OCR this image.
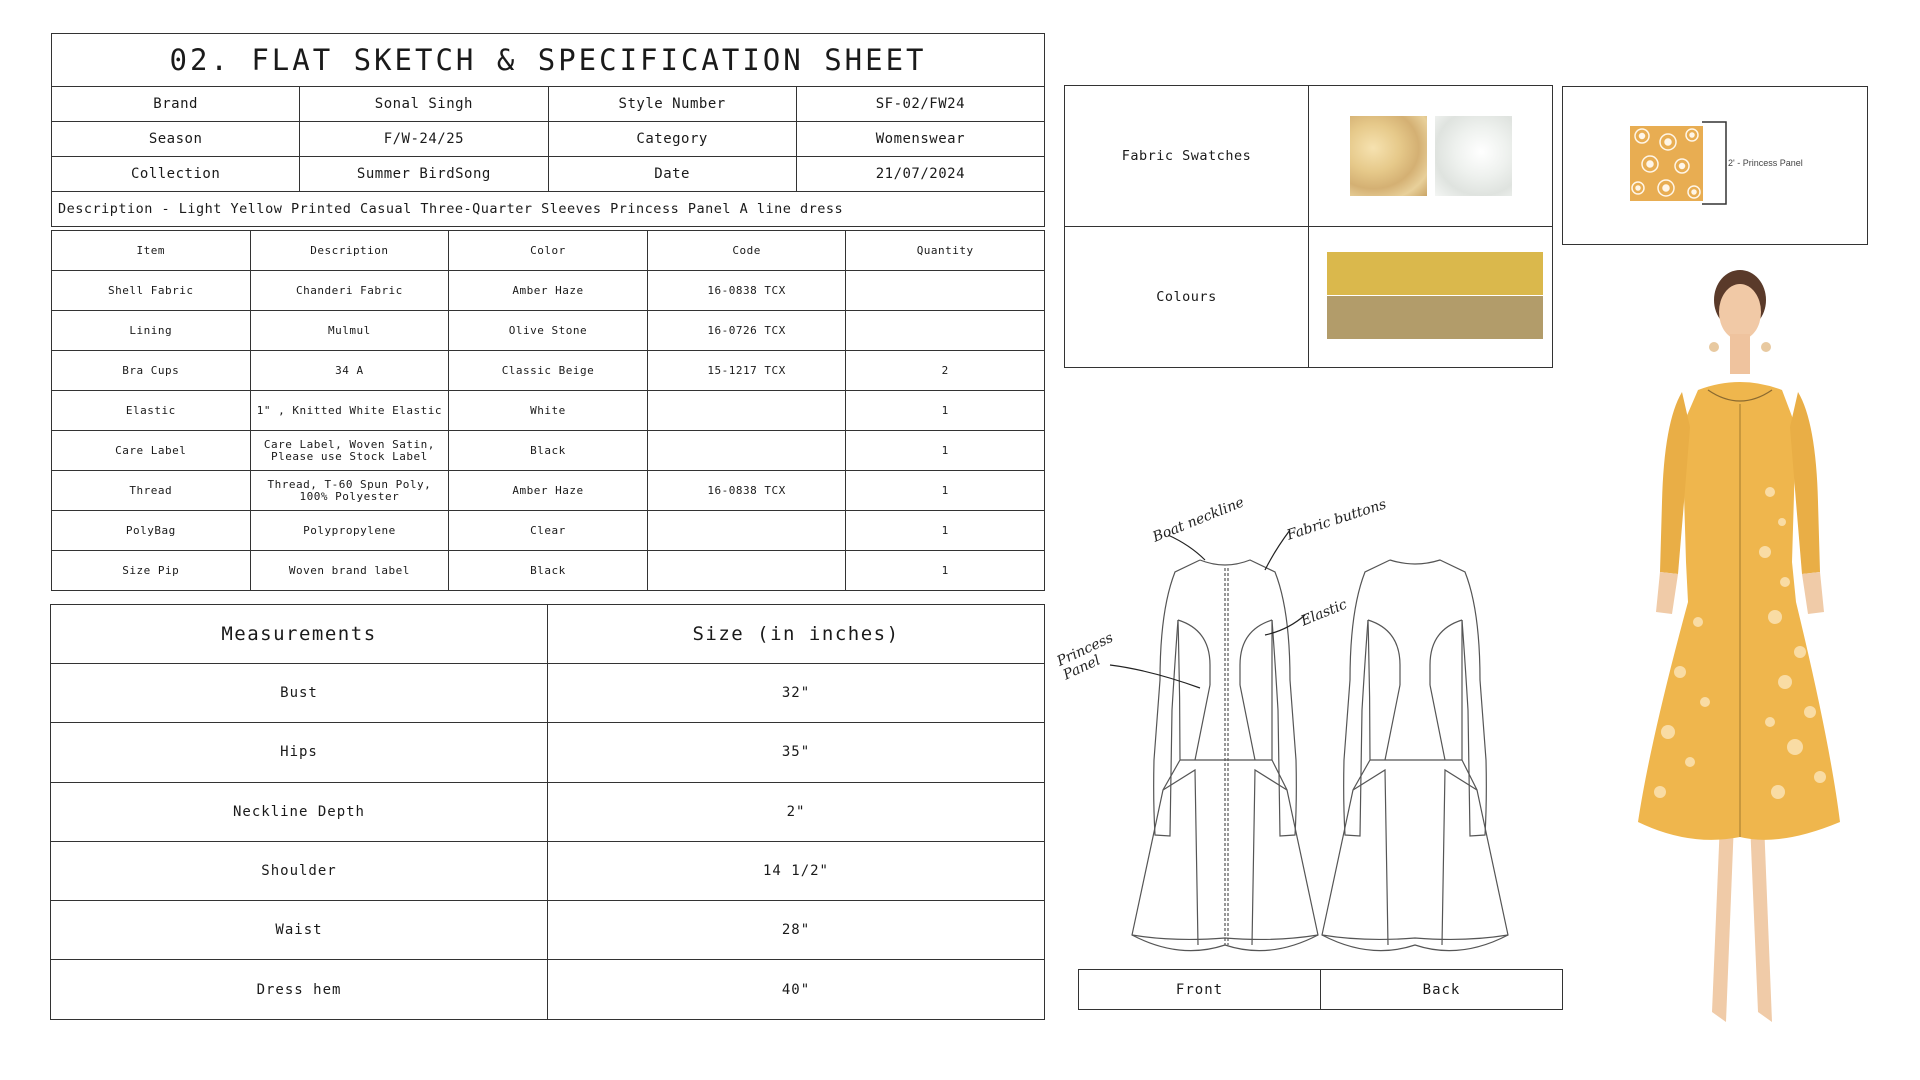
02. FLAT SKETCH & SPECIFICATION SHEET
Brand	Sonal Singh	Style Number	SF-02/FW24
Season	F/W-24/25	Category	Womenswear
Collection	Summer BirdSong	Date	21/07/2024
Description - Light Yellow Printed Casual Three-Quarter Sleeves Princess Panel A line dress			
Item	Description	Color	Code	Quantity
Shell Fabric	Chanderi Fabric	Amber Haze	16-0838 TCX	
Lining	Mulmul	Olive Stone	16-0726 TCX	
Bra Cups	34 A	Classic Beige	15-1217 TCX	2
Elastic	1" , Knitted White Elastic	White		1
Care Label	Care Label, Woven Satin, Please use Stock Label	Black		1
Thread	Thread, T-60 Spun Poly, 100% Polyester	Amber Haze	16-0838 TCX	1
PolyBag	Polypropylene	Clear		1
Size Pip	Woven brand label	Black		1
Measurements	Size (in inches)
Bust	32"
Hips	35"
Neckline Depth	2"
Shoulder	14 1/2"
Waist	28"
Dress hem	40"
Fabric Swatches	
Colours	
2' - Princess Panel
Boat neckline	Fabric buttons
Elastic
Princess Panel
Front	Back
